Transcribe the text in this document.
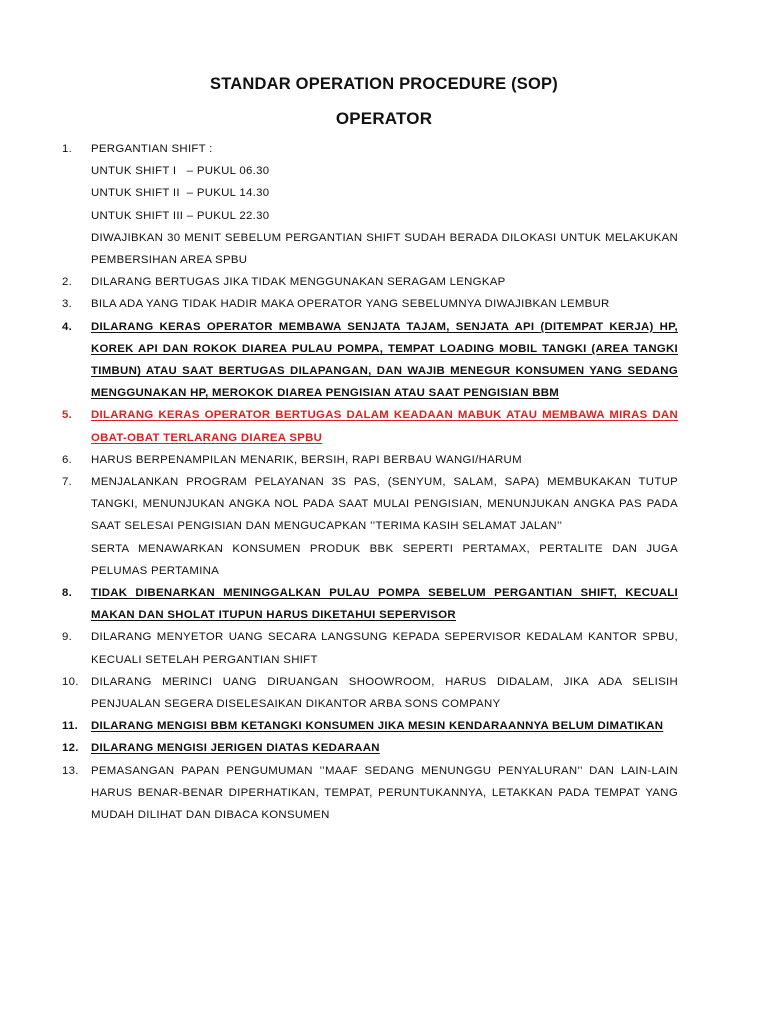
STANDAR OPERATION PROCEDURE (SOP)
OPERATOR
1. PERGANTIAN SHIFT :
UNTUK SHIFT I   – PUKUL 06.30
UNTUK SHIFT II  – PUKUL 14.30
UNTUK SHIFT III – PUKUL 22.30
DIWAJIBKAN 30 MENIT SEBELUM PERGANTIAN SHIFT SUDAH BERADA DILOKASI UNTUK MELAKUKAN PEMBERSIHAN AREA SPBU
2. DILARANG BERTUGAS JIKA TIDAK MENGGUNAKAN SERAGAM LENGKAP
3. BILA ADA YANG TIDAK HADIR MAKA OPERATOR YANG SEBELUMNYA DIWAJIBKAN LEMBUR
4. DILARANG KERAS OPERATOR MEMBAWA SENJATA TAJAM, SENJATA API (DITEMPAT KERJA) HP, KOREK API DAN ROKOK DIAREA PULAU POMPA, TEMPAT LOADING MOBIL TANGKI (AREA TANGKI TIMBUN) ATAU SAAT BERTUGAS DILAPANGAN, DAN WAJIB MENEGUR KONSUMEN YANG SEDANG MENGGUNAKAN HP, MEROKOK DIAREA PENGISIAN ATAU SAAT PENGISIAN BBM
5. DILARANG KERAS OPERATOR BERTUGAS DALAM KEADAAN MABUK ATAU MEMBAWA MIRAS DAN OBAT-OBAT TERLARANG DIAREA SPBU
6. HARUS BERPENAMPILAN MENARIK, BERSIH, RAPI BERBAU WANGI/HARUM
7. MENJALANKAN PROGRAM PELAYANAN 3S PAS, (SENYUM, SALAM, SAPA) MEMBUKAKAN TUTUP TANGKI, MENUNJUKAN ANGKA NOL PADA SAAT MULAI PENGISIAN, MENUNJUKAN ANGKA PAS PADA SAAT SELESAI PENGISIAN DAN MENGUCAPKAN ’’TERIMA KASIH SELAMAT JALAN’’
SERTA MENAWARKAN KONSUMEN PRODUK BBK SEPERTI PERTAMAX, PERTALITE DAN JUGA PELUMAS PERTAMINA
8. TIDAK DIBENARKAN MENINGGALKAN PULAU POMPA SEBELUM PERGANTIAN SHIFT, KECUALI MAKAN DAN SHOLAT ITUPUN HARUS DIKETAHUI SEPERVISOR
9. DILARANG MENYETOR UANG SECARA LANGSUNG KEPADA SEPERVISOR KEDALAM KANTOR SPBU, KECUALI SETELAH PERGANTIAN SHIFT
10. DILARANG MERINCI UANG DIRUANGAN SHOOWROOM, HARUS DIDALAM, JIKA ADA SELISIH PENJUALAN SEGERA DISELESAIKAN DIKANTOR ARBA SONS COMPANY
11. DILARANG MENGISI BBM KETANGKI KONSUMEN JIKA MESIN KENDARAANNYA BELUM DIMATIKAN
12. DILARANG MENGISI JERIGEN DIATAS KEDARAAN
13. PEMASANGAN PAPAN PENGUMUMAN ’’MAAF SEDANG MENUNGGU PENYALURAN’’ DAN LAIN-LAIN HARUS BENAR-BENAR DIPERHATIKAN, TEMPAT, PERUNTUKANNYA, LETAKKAN PADA TEMPAT YANG MUDAH DILIHAT DAN DIBACA KONSUMEN
